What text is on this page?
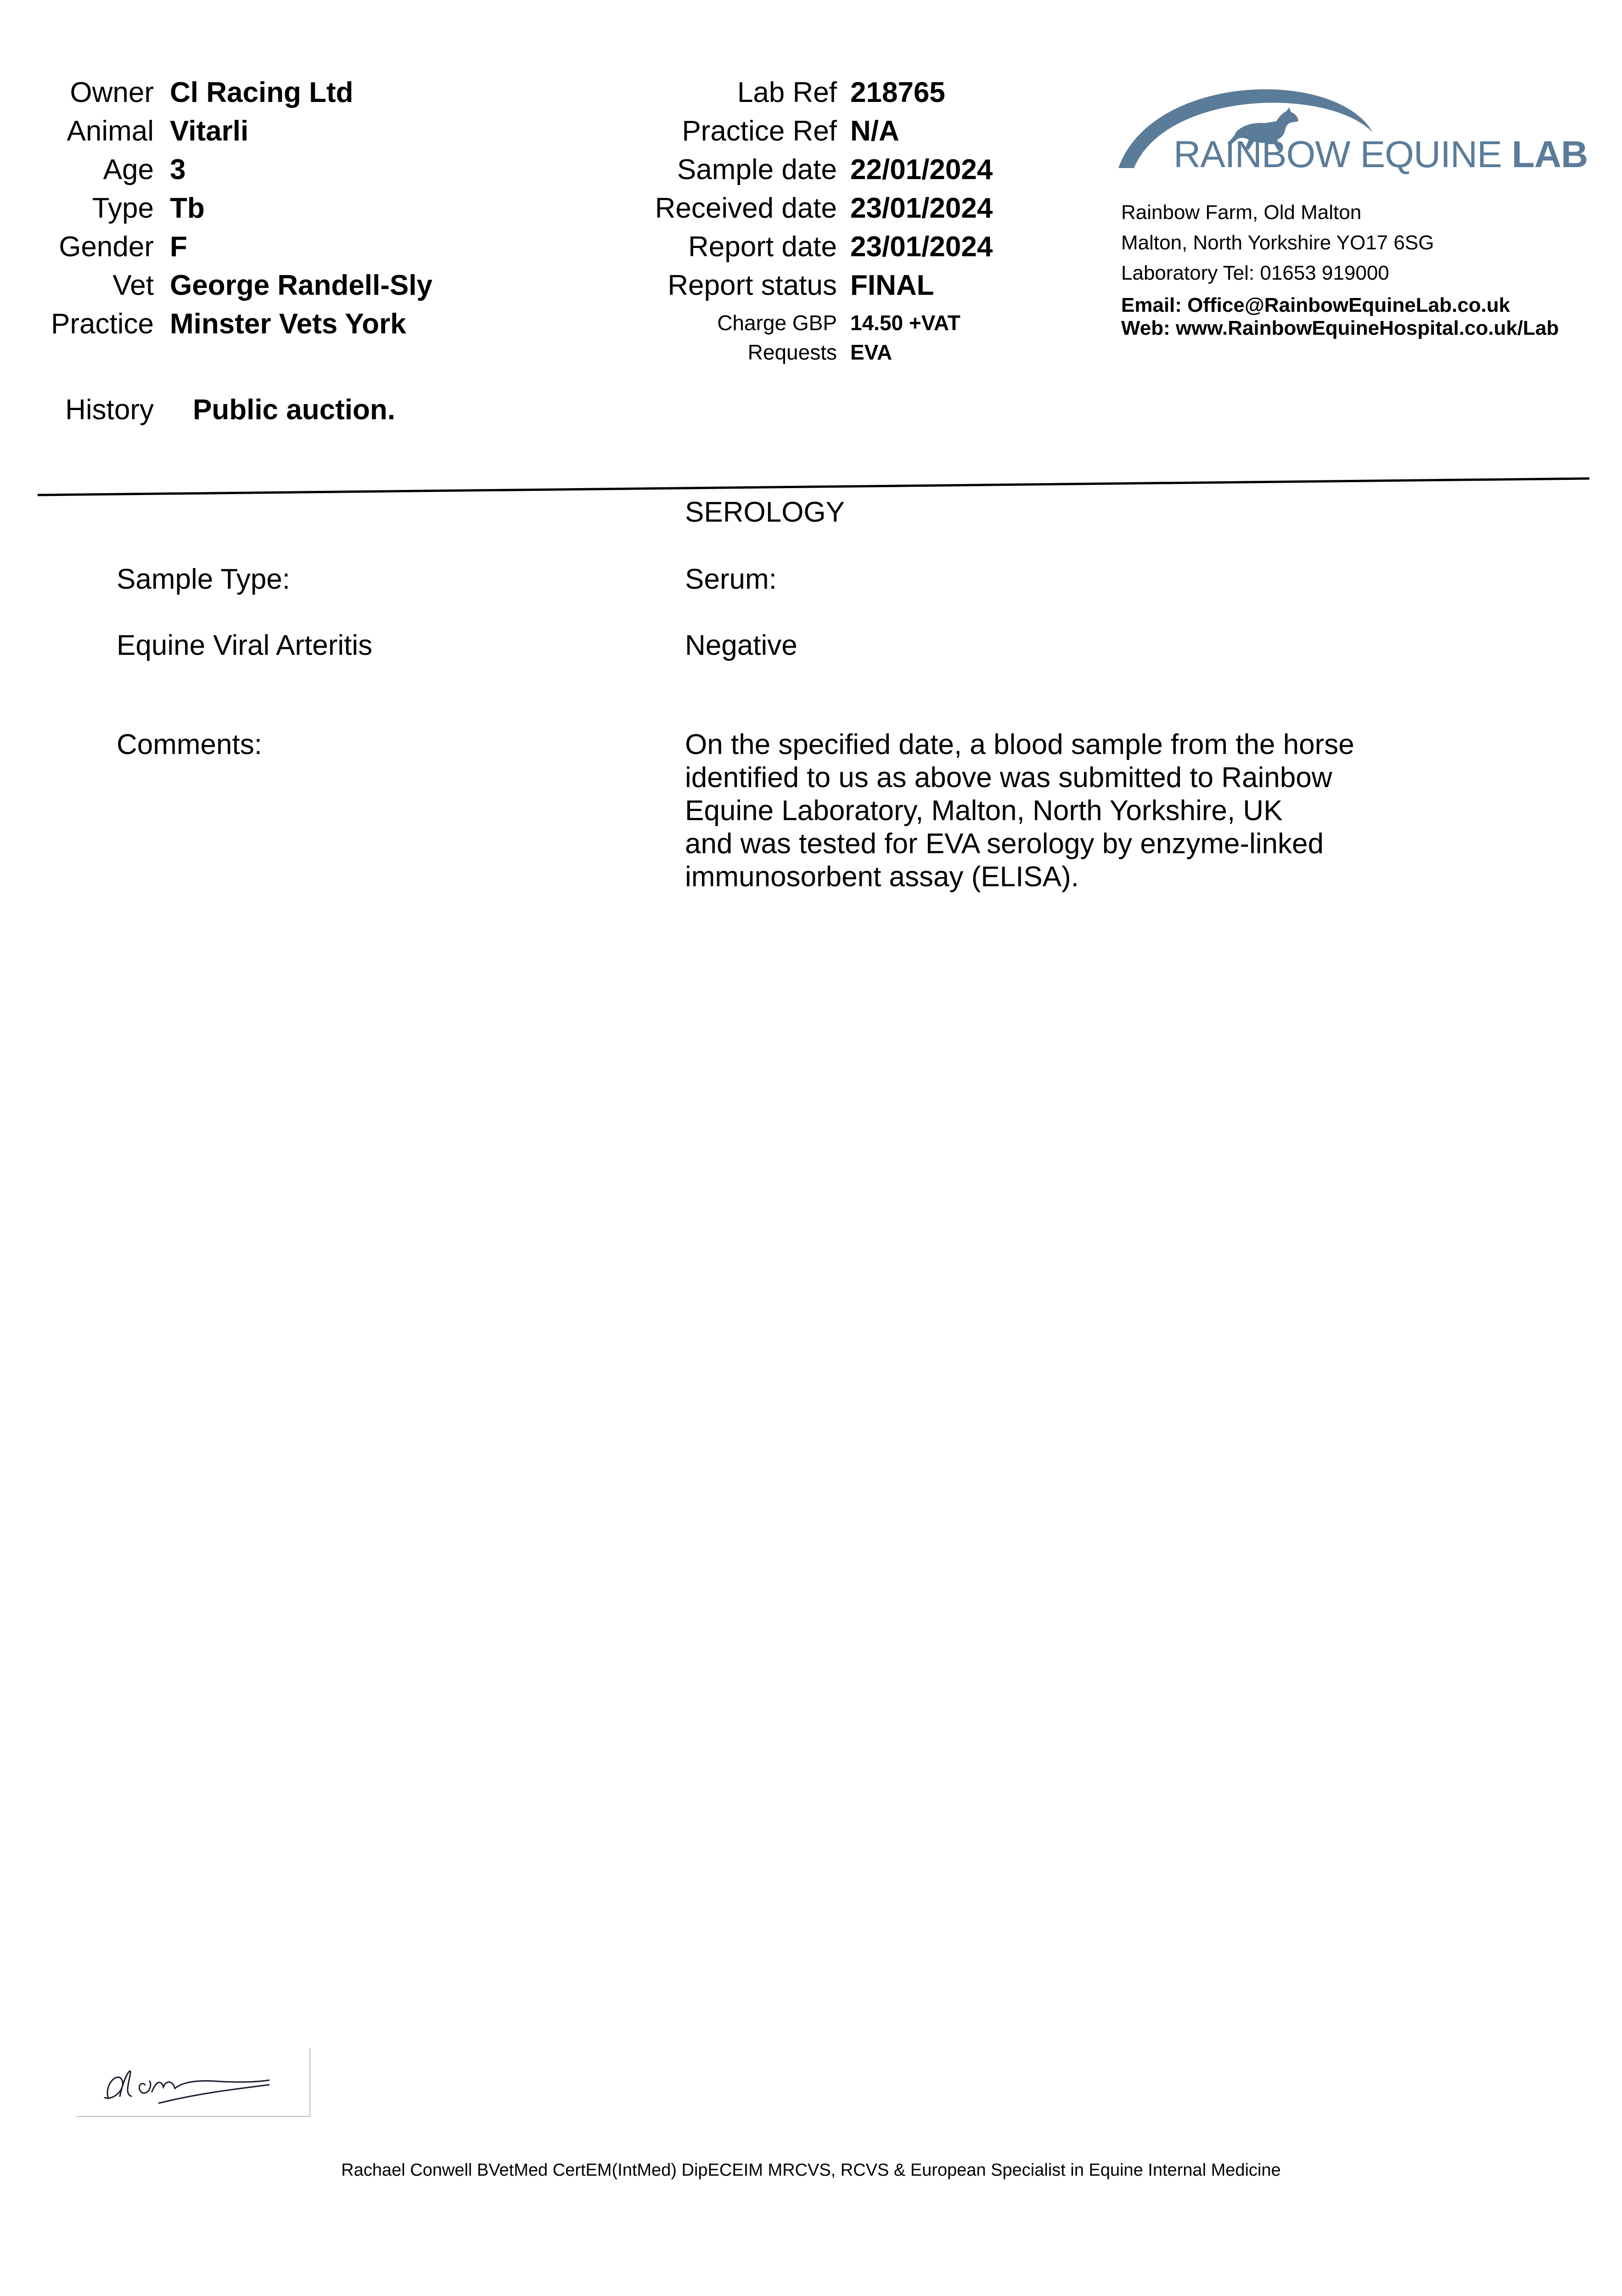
Owner Cl Racing Ltd
Animal Vitarli
Age 3
Type Tb
Gender F
Vet George Randell-Sly
Practice Minster Vets York
History Public auction.
Lab Ref 218765
Practice Ref N/A
Sample date 22/01/2024
Received date 23/01/2024
Report date 23/01/2024
Report status FINAL
Charge GBP 14.50 +VAT
Requests EVA
RAINBOW EQUINE LAB
Rainbow Farm, Old Malton
Malton, North Yorkshire YO17 6SG
Laboratory Tel: 01653 919000
Email: Office@RainbowEquineLab.co.uk
Web: www.RainbowEquineHospital.co.uk/Lab
SEROLOGY
Sample Type:	Serum:
Equine Viral Arteritis	Negative
Comments:	On the specified date, a blood sample from the horse
identified to us as above was submitted to Rainbow
Equine Laboratory, Malton, North Yorkshire, UK
and was tested for EVA serology by enzyme-linked
immunosorbent assay (ELISA).
Rachael Conwell BVetMed CertEM(IntMed) DipECEIM MRCVS, RCVS & European Specialist in Equine Internal Medicine
